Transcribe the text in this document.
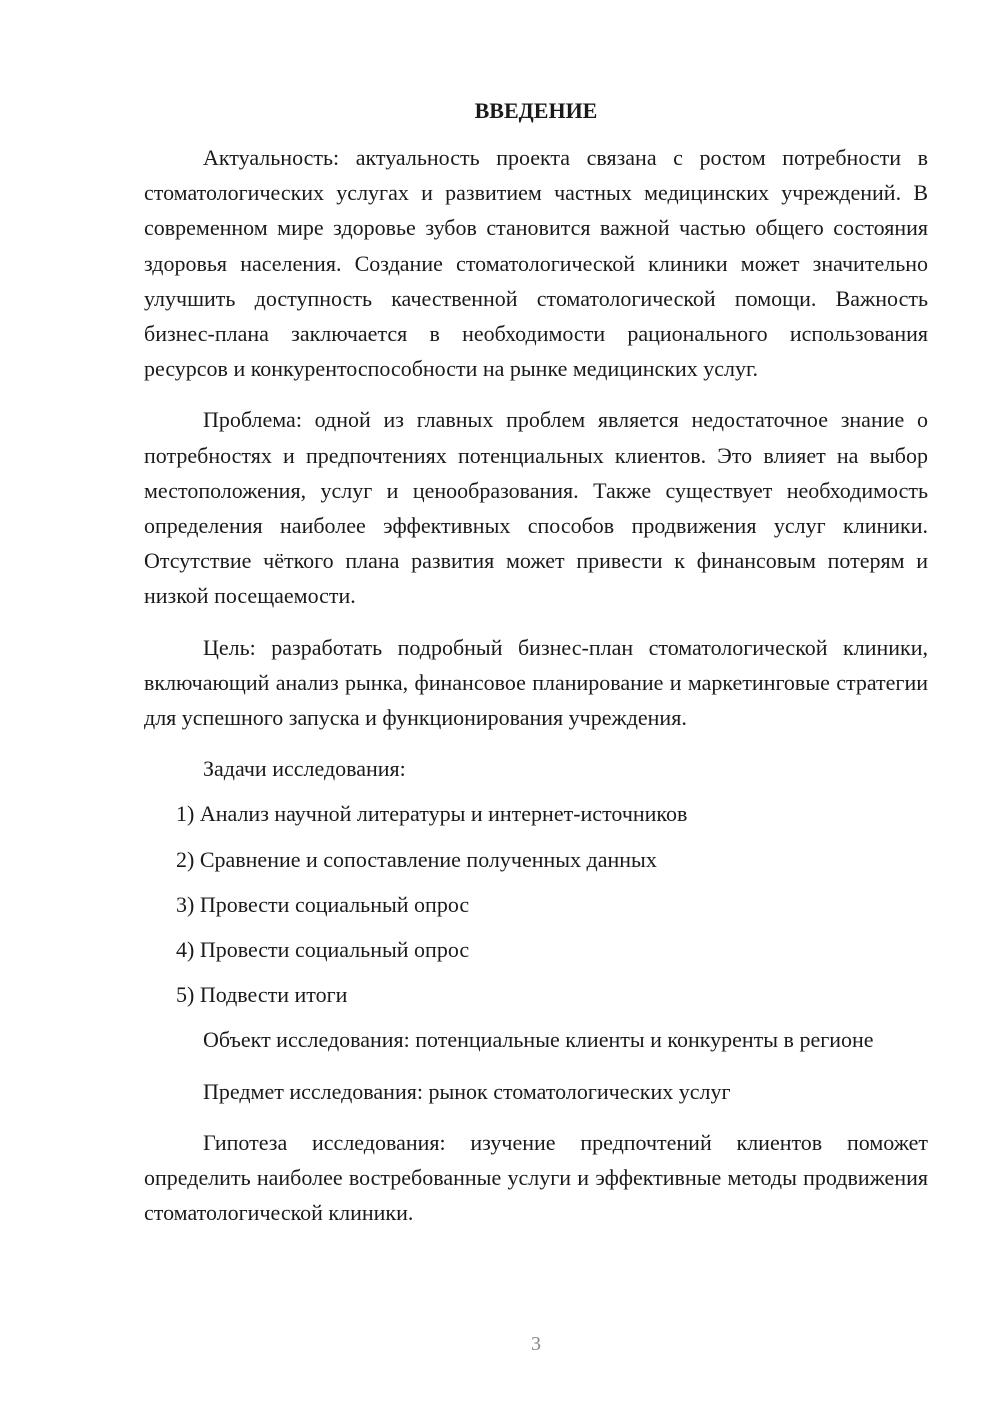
ВВЕДЕНИЕ

Актуальность: актуальность проекта связана с ростом потребности в стоматологических услугах и развитием частных медицинских учреждений. В современном мире здоровье зубов становится важной частью общего состояния здоровья населения. Создание стоматологической клиники может значительно улучшить доступность качественной стоматологической помощи. Важность бизнес-плана заключается в необходимости рационального использования ресурсов и конкурентоспособности на рынке медицинских услуг.

Проблема: одной из главных проблем является недостаточное знание о потребностях и предпочтениях потенциальных клиентов. Это влияет на выбор местоположения, услуг и ценообразования. Также существует необходимость определения наиболее эффективных способов продвижения услуг клиники. Отсутствие чёткого плана развития может привести к финансовым потерям и низкой посещаемости.

Цель: разработать подробный бизнес-план стоматологической клиники, включающий анализ рынка, финансовое планирование и маркетинговые стратегии для успешного запуска и функционирования учреждения.

Задачи исследования:

1) Анализ научной литературы и интернет-источников
2) Сравнение и сопоставление полученных данных
3) Провести социальный опрос
4) Провести социальный опрос
5) Подвести итоги

Объект исследования: потенциальные клиенты и конкуренты в регионе

Предмет исследования: рынок стоматологических услуг

Гипотеза исследования: изучение предпочтений клиентов поможет определить наиболее востребованные услуги и эффективные методы продвижения стоматологической клиники.

3
